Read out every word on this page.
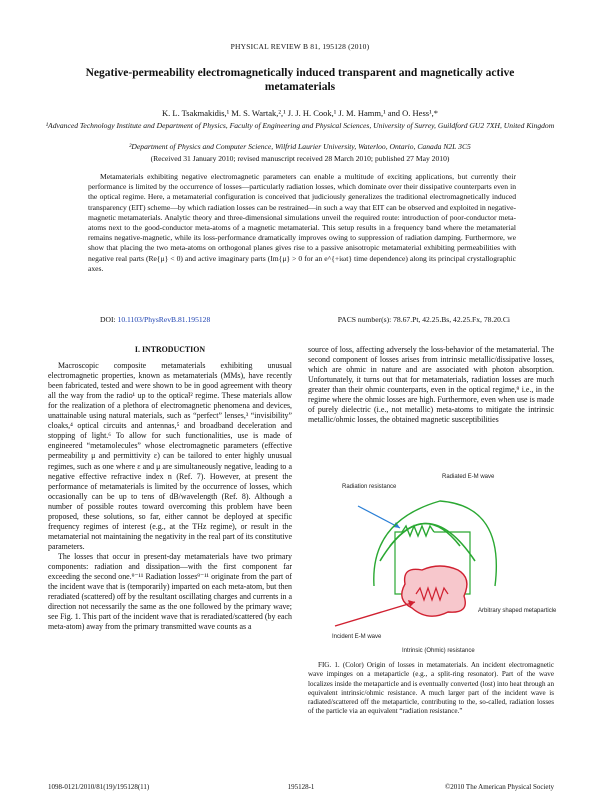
PHYSICAL REVIEW B 81, 195128 (2010)
Negative-permeability electromagnetically induced transparent and magnetically active metamaterials
K. L. Tsakmakidis,¹ M. S. Wartak,²,¹ J. J. H. Cook,¹ J. M. Hamm,¹ and O. Hess¹,*
¹Advanced Technology Institute and Department of Physics, Faculty of Engineering and Physical Sciences, University of Surrey, Guildford GU2 7XH, United Kingdom
²Department of Physics and Computer Science, Wilfrid Laurier University, Waterloo, Ontario, Canada N2L 3C5
(Received 31 January 2010; revised manuscript received 28 March 2010; published 27 May 2010)
Metamaterials exhibiting negative electromagnetic parameters can enable a multitude of exciting applications, but currently their performance is limited by the occurrence of losses—particularly radiation losses, which dominate over their dissipative counterparts even in the optical regime. Here, a metamaterial configuration is conceived that judiciously generalizes the traditional electromagnetically induced transparency (EIT) scheme—by which radiation losses can be restrained—in such a way that EIT can be observed and exploited in negative-magnetic metamaterials. Analytic theory and three-dimensional simulations unveil the required route: introduction of poor-conductor meta-atoms next to the good-conductor meta-atoms of a magnetic metamaterial. This setup results in a frequency band where the metamaterial remains negative-magnetic, while its loss-performance dramatically improves owing to suppression of radiation damping. Furthermore, we show that placing the two meta-atoms on orthogonal planes gives rise to a passive anisotropic metamaterial exhibiting permeabilities with negative real parts (Re{μ} < 0) and active imaginary parts (Im{μ} > 0 for an e^{+iωt} time dependence) along its principal crystallographic axes.
DOI: 10.1103/PhysRevB.81.195128	PACS number(s): 78.67.Pt, 42.25.Bs, 42.25.Fx, 78.20.Ci
I. INTRODUCTION

Macroscopic composite metamaterials exhibiting unusual electromagnetic properties, known as metamaterials (MMs), have recently been fabricated, tested and were shown to be in good agreement with theory all the way from the radio¹ up to the optical² regime. These materials allow for the realization of a plethora of electromagnetic phenomena and devices, unattainable using natural materials, such as “perfect” lenses,³ “invisibility” cloaks,⁴ optical circuits and antennas,⁵ and broadband deceleration and stopping of light.⁶ To allow for such functionalities, use is made of engineered “metamolecules” whose electromagnetic parameters (effective permeability μ and permittivity ε) can be tailored to enter highly unusual regimes, such as one where ε and μ are simultaneously negative, leading to a negative effective refractive index n (Ref. 7). However, at present the performance of metamaterials is limited by the occurrence of losses, which occasionally can be up to tens of dB/wavelength (Ref. 8). Although a number of possible routes toward overcoming this problem have been proposed, these solutions, so far, either cannot be deployed at specific frequency regimes of interest (e.g., at the THz regime), or result in the metamaterial not maintaining the negativity in the real part of its constitutive parameters.

The losses that occur in present-day metamaterials have two primary components: radiation and dissipation—with the first component far exceeding the second one.⁹⁻¹¹ Radiation losses⁹⁻¹¹ originate from the part of the incident wave that is (temporarily) imparted on each meta-atom, but then reradiated (scattered) off by the resultant oscillating charges and currents in a direction not necessarily the same as the one followed by the primary wave; see Fig. 1. This part of the incident wave that is reradiated/scattered (by each meta-atom) away from the primary transmitted wave counts as a

source of loss, affecting adversely the loss-behavior of the metamaterial. The second component of losses arises from intrinsic metallic/dissipative losses, which are ohmic in nature and are associated with photon absorption. Unfortunately, it turns out that for metamaterials, radiation losses are much greater than their ohmic counterparts, even in the optical regime,⁹ i.e., in the regime where the ohmic losses are high. Furthermore, even when use is made of purely dielectric (i.e., not metallic) meta-atoms to mitigate the intrinsic metallic/ohmic losses, the obtained magnetic susceptibilities

Radiated E-M wave
Radiation resistance
Incident E-M wave
Arbitrary shaped metaparticle
Intrinsic (Ohmic) resistance
FIG. 1. (Color) Origin of losses in metamaterials. An incident electromagnetic wave impinges on a metaparticle (e.g., a split-ring resonator). Part of the wave localizes inside the metaparticle and is eventually converted (lost) into heat through an equivalent intrinsic/ohmic resistance. A much larger part of the incident wave is radiated/scattered off the metaparticle, contributing to the, so-called, radiation losses of the particle via an equivalent “radiation resistance.”
1098-0121/2010/81(19)/195128(11)	195128-1	©2010 The American Physical Society
